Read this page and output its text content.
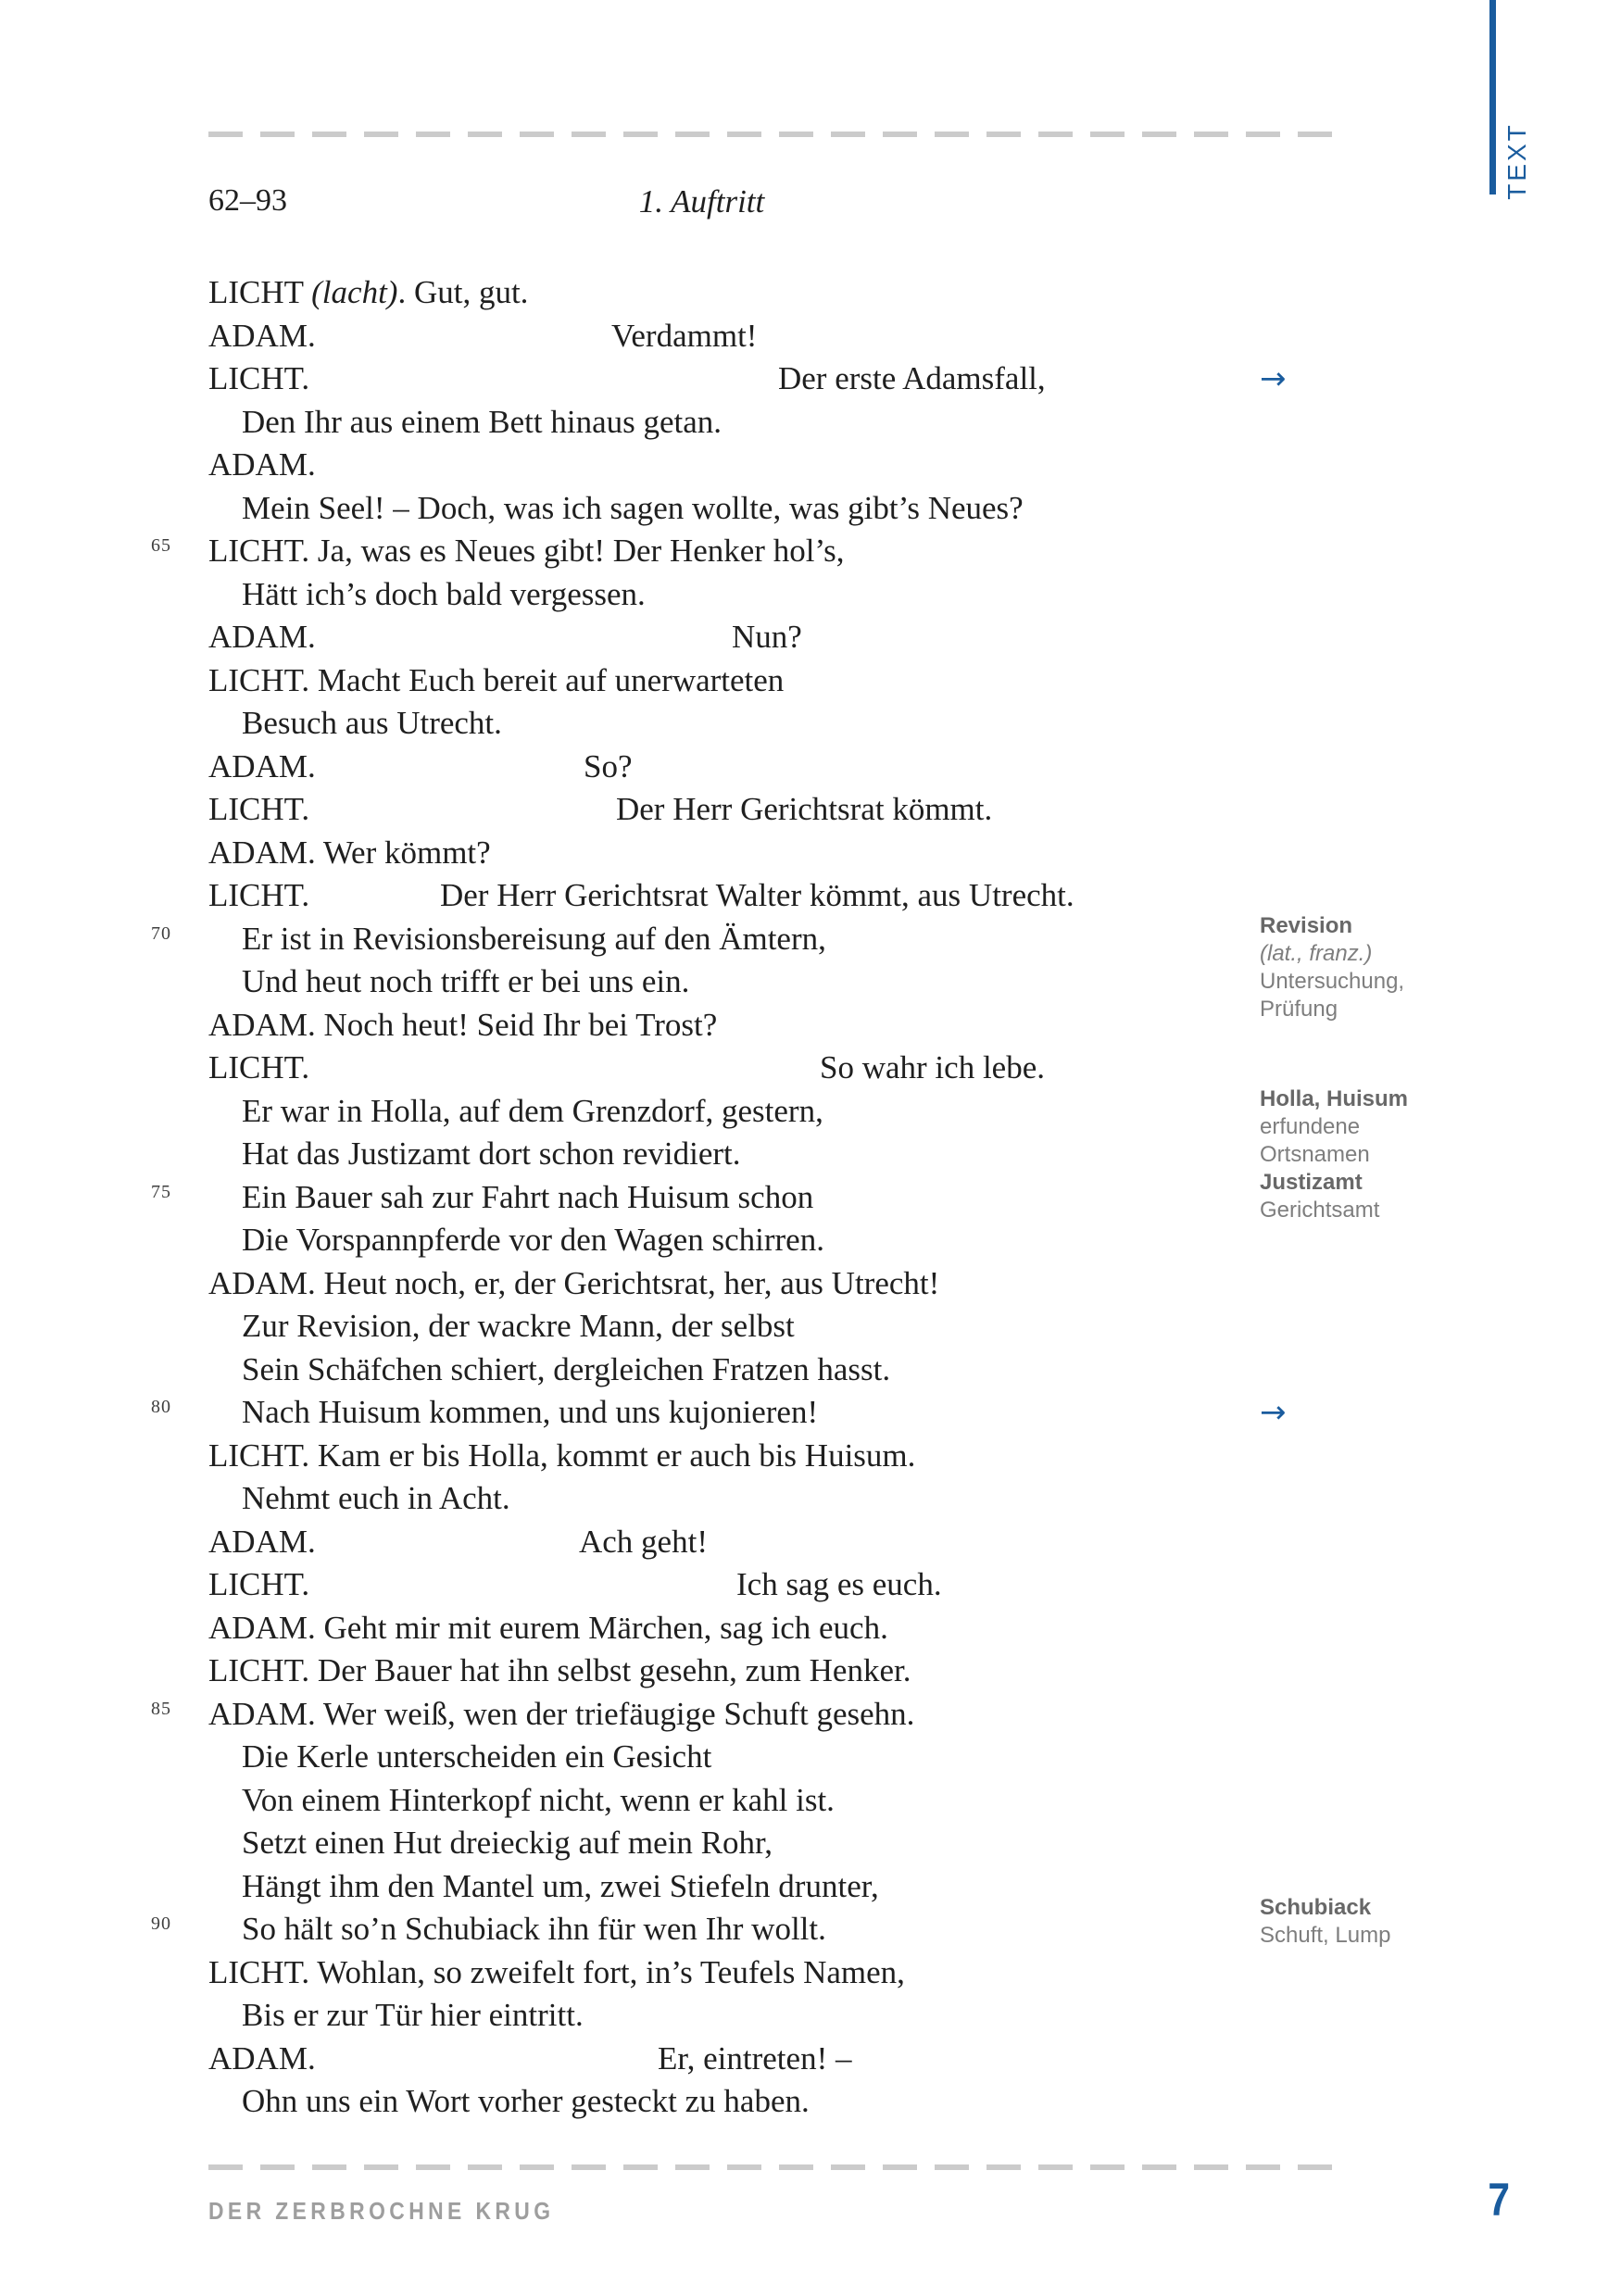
TEXT
62–93	1. Auftritt
LICHT (lacht). Gut, gut.
ADAM.	Verdammt!
LICHT.	Der erste Adamsfall,	→
Den Ihr aus einem Bett hinaus getan.
ADAM.
Mein Seel! – Doch, was ich sagen wollte, was gibt’s Neues?
65	LICHT. Ja, was es Neues gibt! Der Henker hol’s,
Hätt ich’s doch bald vergessen.
ADAM.	Nun?
LICHT. Macht Euch bereit auf unerwarteten
Besuch aus Utrecht.
ADAM.	So?
LICHT.	Der Herr Gerichtsrat kömmt.
ADAM. Wer kömmt?
LICHT.	Der Herr Gerichtsrat Walter kömmt, aus Utrecht.
70	Er ist in Revisionsbereisung auf den Ämtern,
Und heut noch trifft er bei uns ein.
ADAM. Noch heut! Seid Ihr bei Trost?
LICHT.	So wahr ich lebe.
Er war in Holla, auf dem Grenzdorf, gestern,
Hat das Justizamt dort schon revidiert.
75	Ein Bauer sah zur Fahrt nach Huisum schon
Die Vorspannpferde vor den Wagen schirren.
ADAM. Heut noch, er, der Gerichtsrat, her, aus Utrecht!
Zur Revision, der wackre Mann, der selbst
Sein Schäfchen schiert, dergleichen Fratzen hasst.
80	Nach Huisum kommen, und uns kujonieren!	→
LICHT. Kam er bis Holla, kommt er auch bis Huisum.
Nehmt euch in Acht.
ADAM.	Ach geht!
LICHT.	Ich sag es euch.
ADAM. Geht mir mit eurem Märchen, sag ich euch.
LICHT. Der Bauer hat ihn selbst gesehn, zum Henker.
85	ADAM. Wer weiß, wen der triefäugige Schuft gesehn.
Die Kerle unterscheiden ein Gesicht
Von einem Hinterkopf nicht, wenn er kahl ist.
Setzt einen Hut dreieckig auf mein Rohr,
Hängt ihm den Mantel um, zwei Stiefeln drunter,
90	So hält so’n Schubiack ihn für wen Ihr wollt.
LICHT. Wohlan, so zweifelt fort, in’s Teufels Namen,
Bis er zur Tür hier eintritt.
ADAM.	Er, eintreten! –
Ohn uns ein Wort vorher gesteckt zu haben.
Revision
(lat., franz.)
Untersuchung,
Prüfung
Holla, Huisum
erfundene
Ortsnamen
Justizamt
Gerichtsamt
Schubiack
Schuft, Lump
DER ZERBROCHNE KRUG	7
